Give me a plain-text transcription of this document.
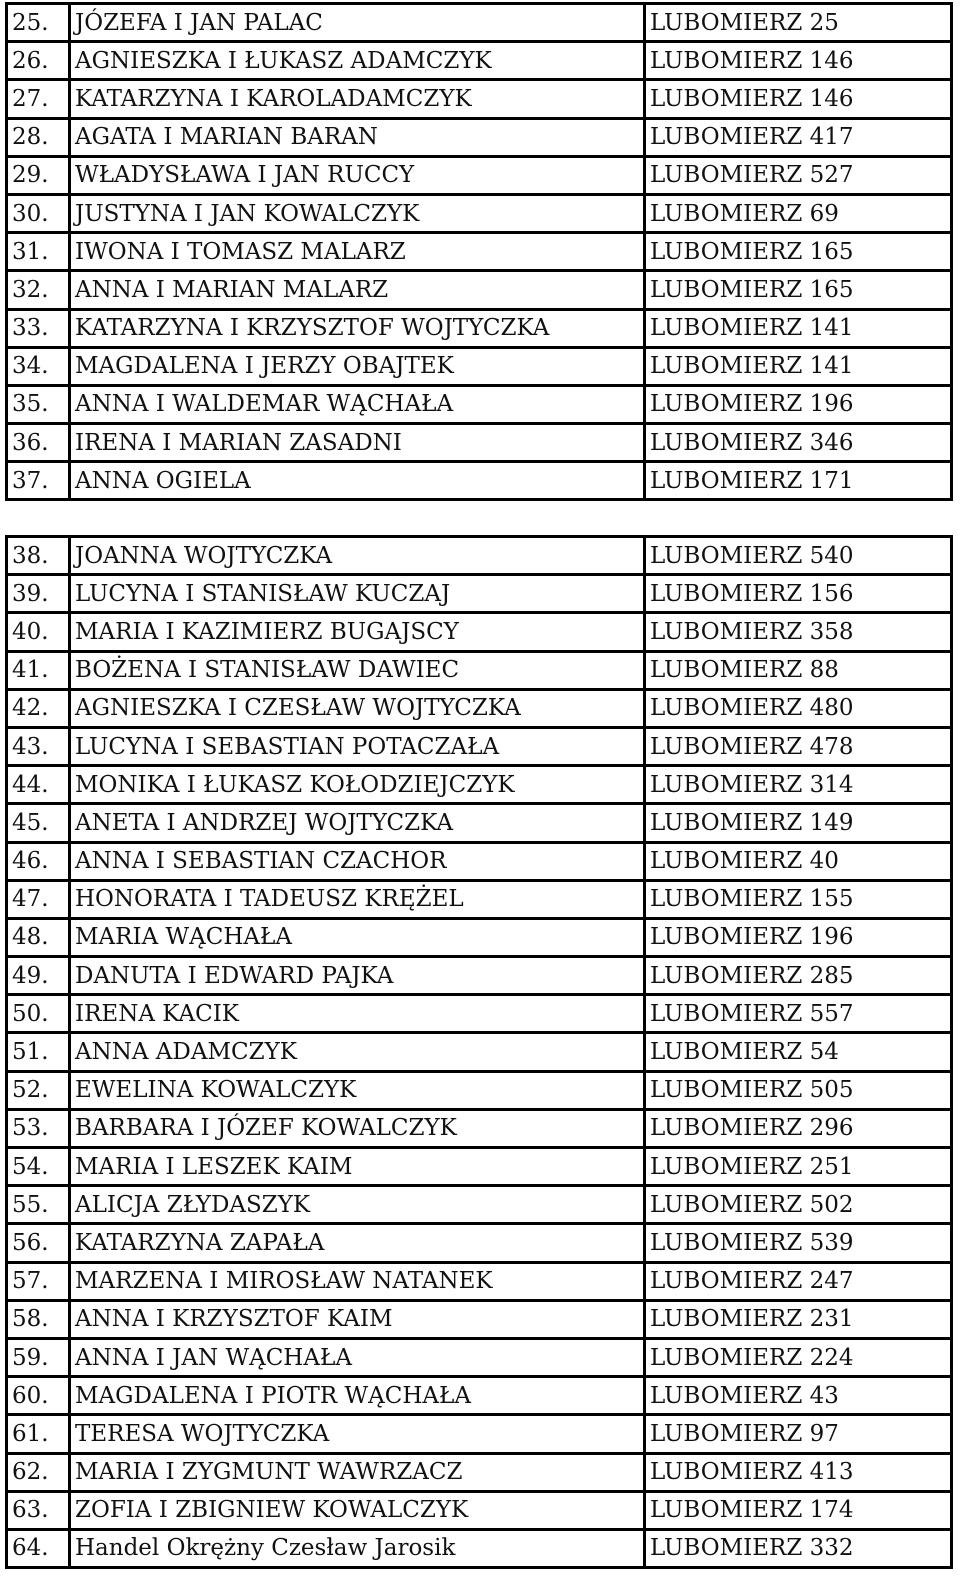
25.	JÓZEFA I JAN PALAC	LUBOMIERZ 25
26.	AGNIESZKA I ŁUKASZ ADAMCZYK	LUBOMIERZ 146
27.	KATARZYNA I KAROLADAMCZYK	LUBOMIERZ 146
28.	AGATA I MARIAN BARAN	LUBOMIERZ 417
29.	WŁADYSŁAWA I JAN RUCCY	LUBOMIERZ 527
30.	JUSTYNA I JAN KOWALCZYK	LUBOMIERZ 69
31.	IWONA I TOMASZ MALARZ	LUBOMIERZ 165
32.	ANNA I MARIAN MALARZ	LUBOMIERZ 165
33.	KATARZYNA I KRZYSZTOF WOJTYCZKA	LUBOMIERZ 141
34.	MAGDALENA I JERZY OBAJTEK	LUBOMIERZ 141
35.	ANNA I WALDEMAR WĄCHAŁA	LUBOMIERZ 196
36.	IRENA I MARIAN ZASADNI	LUBOMIERZ 346
37.	ANNA OGIELA	LUBOMIERZ 171
38.	JOANNA WOJTYCZKA	LUBOMIERZ 540
39.	LUCYNA I STANISŁAW KUCZAJ	LUBOMIERZ 156
40.	MARIA I KAZIMIERZ BUGAJSCY	LUBOMIERZ 358
41.	BOŻENA I STANISŁAW DAWIEC	LUBOMIERZ 88
42.	AGNIESZKA I CZESŁAW WOJTYCZKA	LUBOMIERZ 480
43.	LUCYNA I SEBASTIAN POTACZAŁA	LUBOMIERZ 478
44.	MONIKA I ŁUKASZ KOŁODZIEJCZYK	LUBOMIERZ 314
45.	ANETA I ANDRZEJ WOJTYCZKA	LUBOMIERZ 149
46.	ANNA I SEBASTIAN CZACHOR	LUBOMIERZ 40
47.	HONORATA I TADEUSZ KRĘŻEL	LUBOMIERZ 155
48.	MARIA WĄCHAŁA	LUBOMIERZ 196
49.	DANUTA I EDWARD PAJKA	LUBOMIERZ 285
50.	IRENA KACIK	LUBOMIERZ 557
51.	ANNA ADAMCZYK	LUBOMIERZ 54
52.	EWELINA KOWALCZYK	LUBOMIERZ 505
53.	BARBARA I JÓZEF KOWALCZYK	LUBOMIERZ 296
54.	MARIA I LESZEK KAIM	LUBOMIERZ 251
55.	ALICJA ZŁYDASZYK	LUBOMIERZ 502
56.	KATARZYNA ZAPAŁA	LUBOMIERZ 539
57.	MARZENA I MIROSŁAW NATANEK	LUBOMIERZ 247
58.	ANNA I KRZYSZTOF KAIM	LUBOMIERZ 231
59.	ANNA I JAN WĄCHAŁA	LUBOMIERZ 224
60.	MAGDALENA I PIOTR WĄCHAŁA	LUBOMIERZ 43
61.	TERESA WOJTYCZKA	LUBOMIERZ 97
62.	MARIA I ZYGMUNT WAWRZACZ	LUBOMIERZ 413
63.	ZOFIA I ZBIGNIEW KOWALCZYK	LUBOMIERZ 174
64.	Handel Okrężny Czesław Jarosik	LUBOMIERZ 332
